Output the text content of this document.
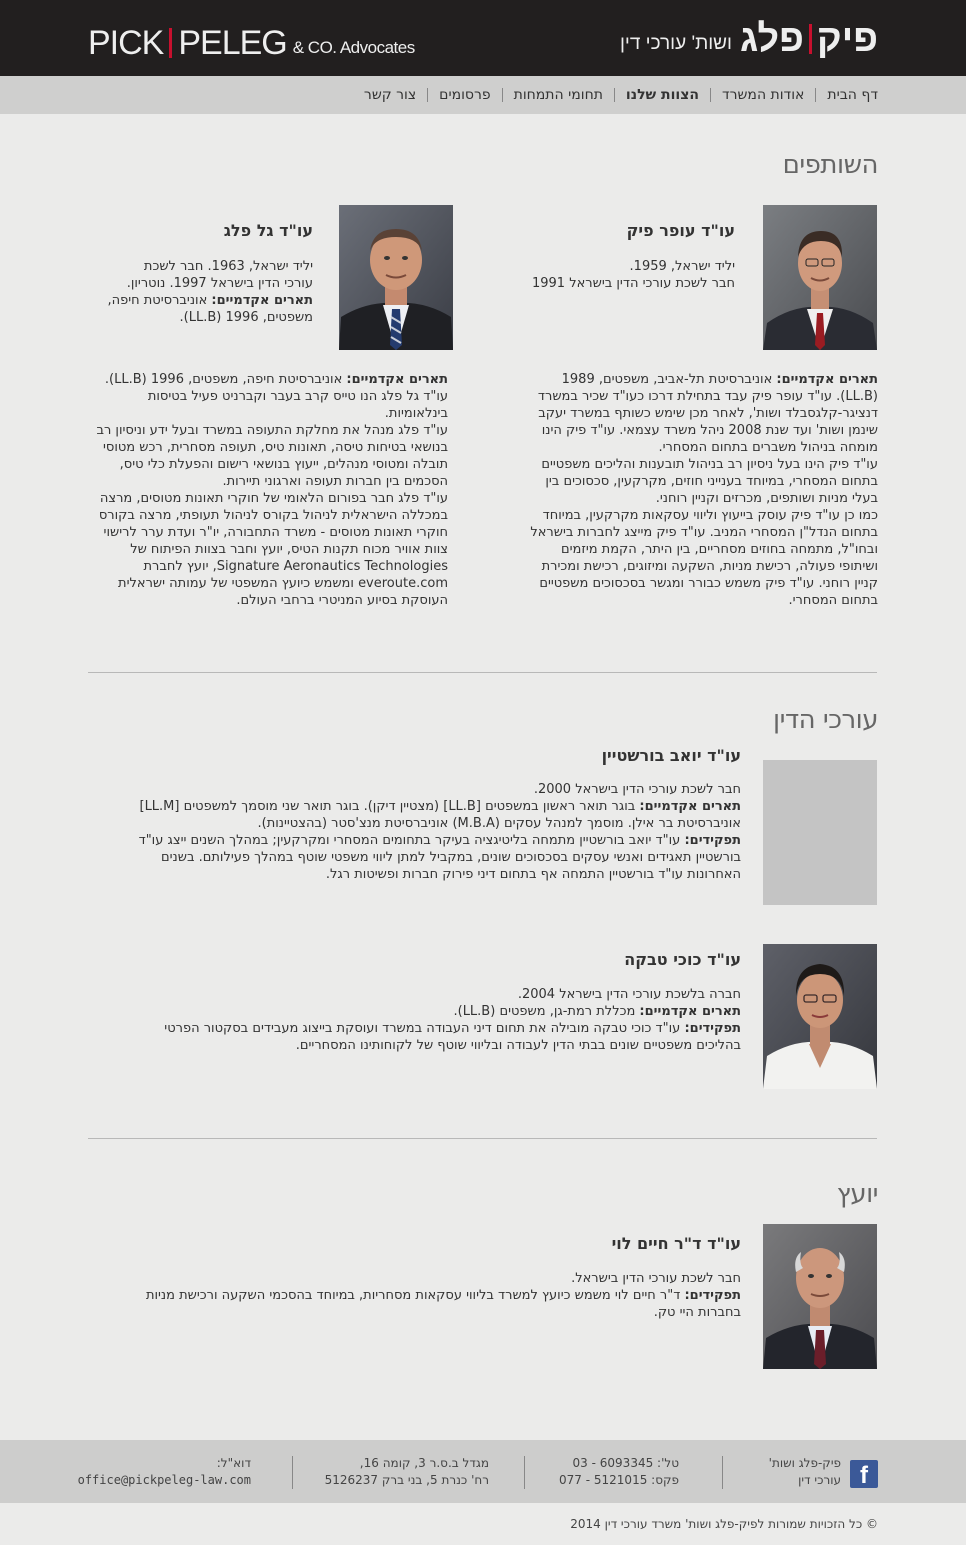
PICK PELEG & CO. Advocates	פיק
פלג
ושות' עורכי דין
דף הבית
אודות המשרד
הצוות שלנו
תחומי התמחות
פרסומים
צור קשר
השותפים
עו"ד עופר פיק
יליד ישראל, 1959.
חבר לשכת עורכי הדין בישראל 1991
תארים אקדמיים: אוניברסיטת תל-אביב, משפטים, 1989 (LL.B). עו"ד עופר פיק עבד בתחילת דרכו כעו"ד שכיר במשרד דנציגר-קלגסבלד ושות', לאחר מכן שימש כשותף במשרד יעקב שינמן ושות' ועד שנת 2008 ניהל משרד עצמאי. עו"ד פיק הינו מומחה בניהול משברים בתחום המסחרי.
עו"ד פיק הינו בעל ניסיון רב בניהול תובענות והליכים משפטיים בתחום המסחרי, במיוחד בענייני חוזים, מקרקעין, סכסוכים בין בעלי מניות ושותפים, מכרזים וקניין רוחני.
כמו כן עו"ד פיק עוסק בייעוץ וליווי עסקאות מקרקעין, במיוחד בתחום הנדל"ן המסחרי המניב. עו"ד פיק מייצג לחברות בישראל ובחו"ל, מתמחה בחוזים מסחריים, בין היתר, הקמת מיזמים ושיתופי פעולה, רכישת מניות, השקעה ומיזוגים, רכישת ומכירת קניין רוחני. עו"ד פיק משמש כבורר ומגשר בסכסוכים משפטיים בתחום המסחרי.
עו"ד גל פלג
יליד ישראל, 1963. חבר לשכת
עורכי הדין בישראל 1997. נוטריון.
תארים אקדמיים: אוניברסיטת חיפה,
משפטים, 1996 (LL.B).
תארים אקדמיים: אוניברסיטת חיפה, משפטים, 1996 (LL.B).
עו"ד גל פלג הנו טייס קרב בעבר וקברניט פעיל בטיסות בינלאומיות.
עו"ד פלג מנהל את מחלקת התעופה במשרד ובעל ידע וניסיון רב בנושאי בטיחות טיסה, תאונות טיס, תעופה מסחרית, רכש מטוסי תובלה ומטוסי מנהלים, ייעוץ בנושאי רישום והפעלת כלי טיס, הסכמים בין חברות תעופה וארגוני תיירות.
עו"ד פלג חבר בפורום הלאומי של חוקרי תאונות מטוסים, מרצה במכללה הישראלית לניהול בקורס לניהול תעופתי, מרצה בקורס חוקרי תאונות מטוסים - משרד התחבורה, יו"ר ועדת ערר לרישוי צוות אוויר מכוח תקנות הטיס, יועץ וחבר בצוות הפיתוח של Signature Aeronautics Technologies, יועץ לחברת everoute.com ומשמש כיועץ המשפטי של עמותה ישראלית העוסקת בסיוע המניטרי ברחבי העולם.
עורכי הדין
עו"ד יואב בורשטיין
חבר לשכת עורכי הדין בישראל 2000.
תארים אקדמיים: בוגר תואר ראשון במשפטים [LL.B] (מצטיין דיקן). בוגר תואר שני מוסמך למשפטים [LL.M] אוניברסיטת בר אילן. מוסמך למנהל עסקים (M.B.A) אוניברסיטת מנצ'סטר (בהצטיינות).
תפקידים: עו"ד יואב בורשטיין מתמחה בליטיגציה בעיקר בתחומים המסחרי ומקרקעין; במהלך השנים ייצג עו"ד בורשטיין תאגידים ואנשי עסקים בסכסוכים שונים, במקביל למתן ליווי משפטי שוטף במהלך פעילותם. בשנים האחרונות עו"ד בורשטיין התמחה אף בתחום דיני פירוק חברות ופשיטות רגל.
עו"ד כוכי טבקה
חברה בלשכת עורכי הדין בישראל 2004.
תארים אקדמיים: מכללת רמת-גן, משפטים (LL.B).
תפקידים: עו"ד כוכי טבקה מובילה את תחום דיני העבודה במשרד ועוסקת בייצוג מעבידים בסקטור הפרטי בהליכים משפטיים שונים בבתי הדין לעבודה ובליווי שוטף של לקוחותינו המסחריים.
יועץ
עו"ד ד"ר חיים לוי
חבר לשכת עורכי הדין בישראל.
תפקידים: ד"ר חיים לוי משמש כיועץ למשרד בליווי עסקאות מסחריות, במיוחד בהסכמי השקעה ורכישת מניות בחברות היי טק.
f
פיק-פלג ושות'
עורכי דין
טל': 6093345 - 03
פקס: 5121015 - 077
מגדל ב.ס.ר 3, קומה 16,
רח' כנרת 5, בני ברק 5126237
דוא"ל:
office@pickpeleg-law.com
© כל הזכויות שמורות לפיק-פלג ושות' משרד עורכי דין 2014
